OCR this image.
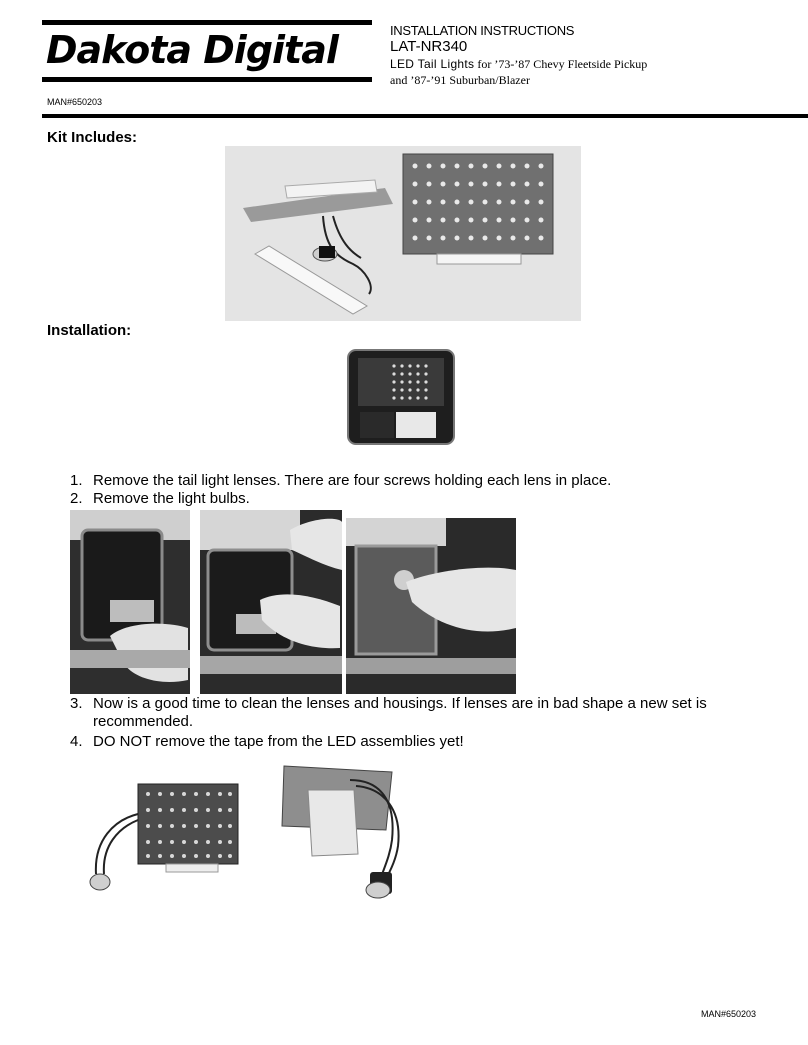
Dakota Digital	INSTALLATION INSTRUCTIONS
LAT-NR340
LED Tail Lights for ’73-’87 Chevy Fleetside Pickup
and ’87-’91 Suburban/Blazer
MAN#650203
Kit Includes:
Installation:
1. Remove the tail light lenses. There are four screws holding each lens in place.
2. Remove the light bulbs.
3. Now is a good time to clean the lenses and housings. If lenses are in bad shape a new set is
recommended.
4. DO NOT remove the tape from the LED assemblies yet!
MAN#650203
